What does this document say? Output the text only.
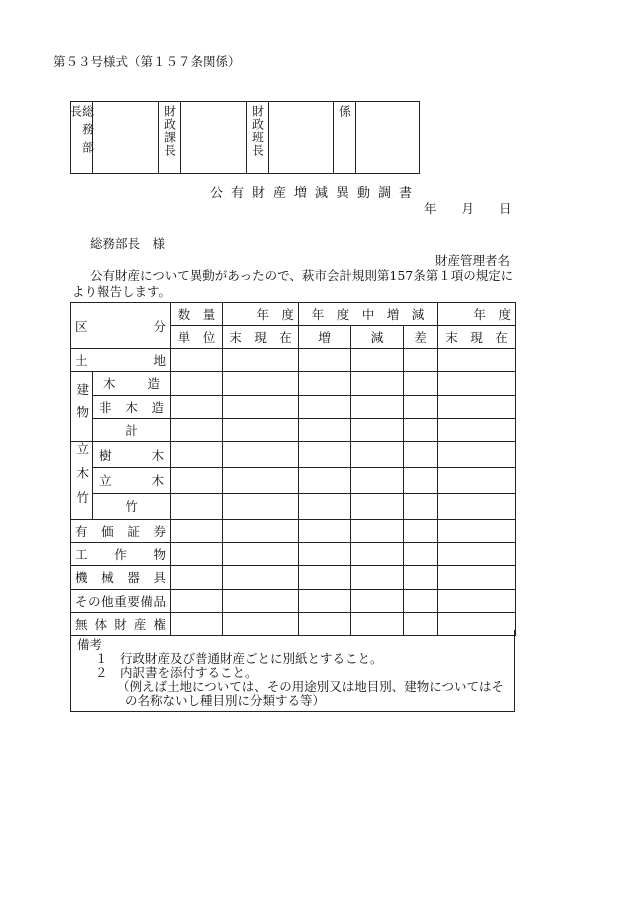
第５３号様式（第１５７条関係）
総務部長	財政課長	財政班長	係
公有財産増減異動調書
年　　月　　日
総務部長　様
財産管理者名
公有財産について異動があったので、萩市会計規則第157条第１項の規定により報告します。
区　　　　分		数　量	年　度	年　度　中　増　減			年　度
		単　位	末　現　在	増	減	差	末　現　在

土地							

建物	木造						

	非木造						

	計						
立木竹	樹木						

	立木						

	竹						

有価証券							

工作物							

機械器具							

その他重要備品							

無体財産権							

備考
１　行政財産及び普通財産ごとに別紙とすること。
２　内訳書を添付すること。
（例えば土地については、その用途別又は地目別、建物についてはその名称ないし種目別に分類する等）
